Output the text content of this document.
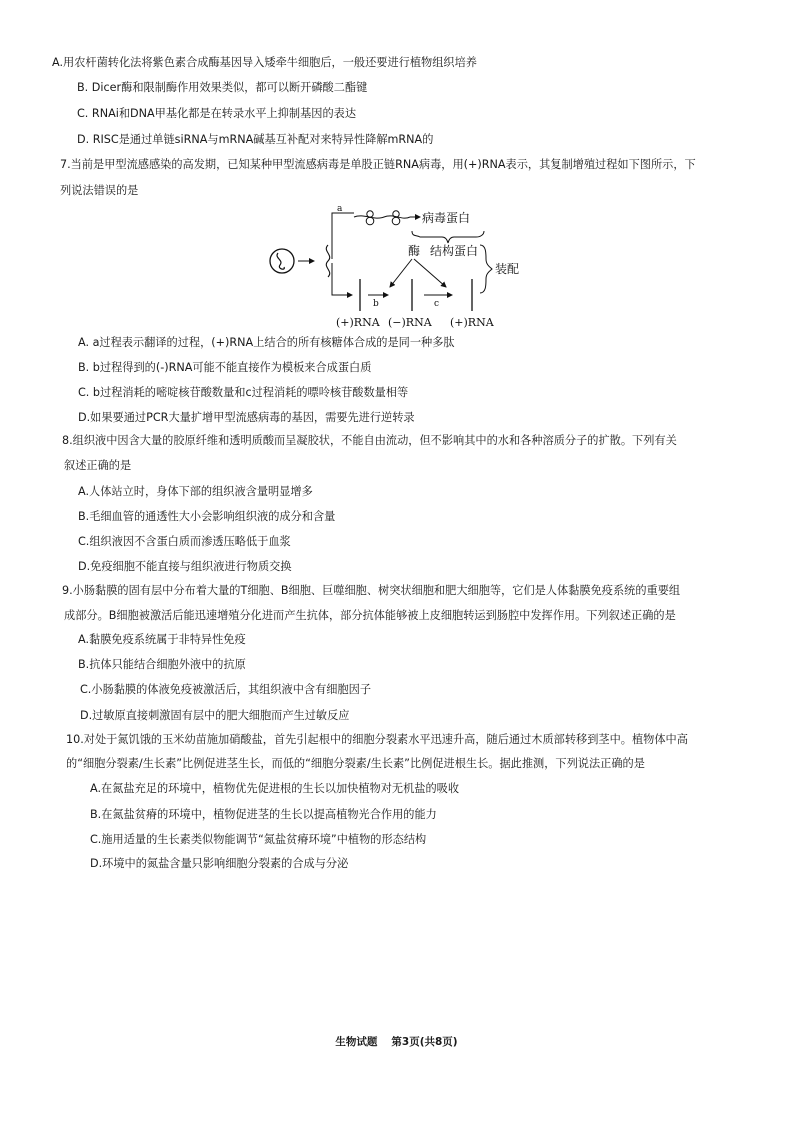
A.用农杆菌转化法将紫色素合成酶基因导入矮牵牛细胞后，一般还要进行植物组织培养
B. Dicer酶和限制酶作用效果类似，都可以断开磷酸二酯键
C. RNAi和DNA甲基化都是在转录水平上抑制基因的表达
D. RISC是通过单链siRNA与mRNA碱基互补配对来特异性降解mRNA的
7.当前是甲型流感感染的高发期，已知某种甲型流感病毒是单股正链RNA病毒，用(+)RNA表示，其复制增殖过程如下图所示，下
列说法错误的是
a
病毒蛋白
酶 结构蛋白
装配
b	c
(+)RNA (−)RNA (+)RNA
A. a过程表示翻译的过程，(+)RNA上结合的所有核糖体合成的是同一种多肽
B. b过程得到的(-)RNA可能不能直接作为模板来合成蛋白质
C. b过程消耗的嘧啶核苷酸数量和c过程消耗的嘌呤核苷酸数量相等
D.如果要通过PCR大量扩增甲型流感病毒的基因，需要先进行逆转录
8.组织液中因含大量的胶原纤维和透明质酸而呈凝胶状，不能自由流动，但不影响其中的水和各种溶质分子的扩散。下列有关
叙述正确的是
A.人体站立时，身体下部的组织液含量明显增多
B.毛细血管的通透性大小会影响组织液的成分和含量
C.组织液因不含蛋白质而渗透压略低于血浆
D.免疫细胞不能直接与组织液进行物质交换
9.小肠黏膜的固有层中分布着大量的T细胞、B细胞、巨噬细胞、树突状细胞和肥大细胞等，它们是人体黏膜免疫系统的重要组
成部分。B细胞被激活后能迅速增殖分化进而产生抗体，部分抗体能够被上皮细胞转运到肠腔中发挥作用。下列叙述正确的是
A.黏膜免疫系统属于非特异性免疫
B.抗体只能结合细胞外液中的抗原
C.小肠黏膜的体液免疫被激活后，其组织液中含有细胞因子
D.过敏原直接刺激固有层中的肥大细胞而产生过敏反应
10.对处于氮饥饿的玉米幼苗施加硝酸盐，首先引起根中的细胞分裂素水平迅速升高，随后通过木质部转移到茎中。植物体中高
的“细胞分裂素/生长素”比例促进茎生长，而低的“细胞分裂素/生长素”比例促进根生长。据此推测，下列说法正确的是
A.在氮盐充足的环境中，植物优先促进根的生长以加快植物对无机盐的吸收
B.在氮盐贫瘠的环境中，植物促进茎的生长以提高植物光合作用的能力
C.施用适量的生长素类似物能调节“氮盐贫瘠环境”中植物的形态结构
D.环境中的氮盐含量只影响细胞分裂素的合成与分泌
生物试题 第3页(共8页)
